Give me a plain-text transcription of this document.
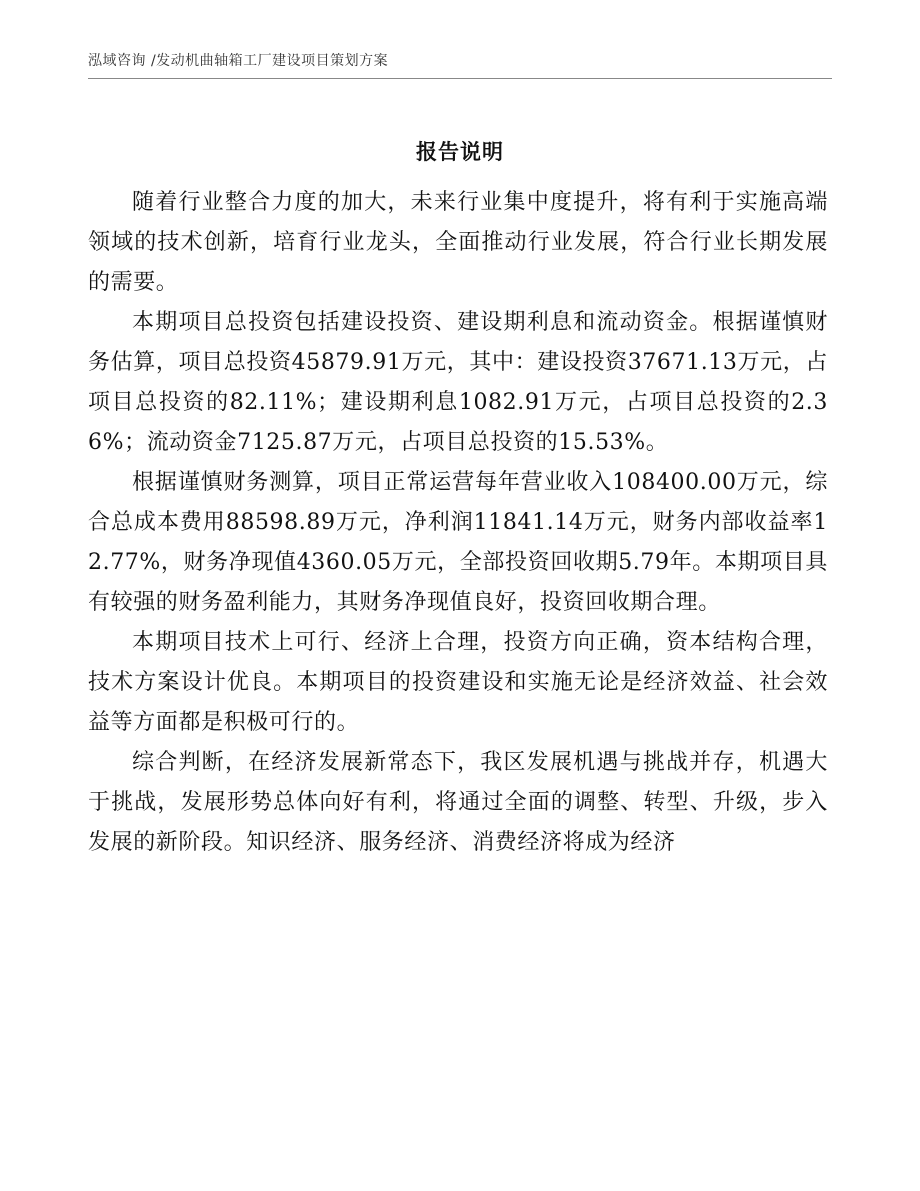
泓域咨询 /发动机曲轴箱工厂建设项目策划方案
报告说明

随着行业整合力度的加大，未来行业集中度提升，将有利于实施高端领域的技术创新，培育行业龙头，全面推动行业发展，符合行业长期发展的需要。

本期项目总投资包括建设投资、建设期利息和流动资金。根据谨慎财务估算，项目总投资45879.91万元，其中：建设投资37671.13万元，占项目总投资的82.11%；建设期利息1082.91万元，占项目总投资的2.36%；流动资金7125.87万元，占项目总投资的15.53%。

根据谨慎财务测算，项目正常运营每年营业收入108400.00万元，综合总成本费用88598.89万元，净利润11841.14万元，财务内部收益率12.77%，财务净现值4360.05万元，全部投资回收期5.79年。本期项目具有较强的财务盈利能力，其财务净现值良好，投资回收期合理。

本期项目技术上可行、经济上合理，投资方向正确，资本结构合理，技术方案设计优良。本期项目的投资建设和实施无论是经济效益、社会效益等方面都是积极可行的。

综合判断，在经济发展新常态下，我区发展机遇与挑战并存，机遇大于挑战，发展形势总体向好有利，将通过全面的调整、转型、升级，步入发展的新阶段。知识经济、服务经济、消费经济将成为经济
